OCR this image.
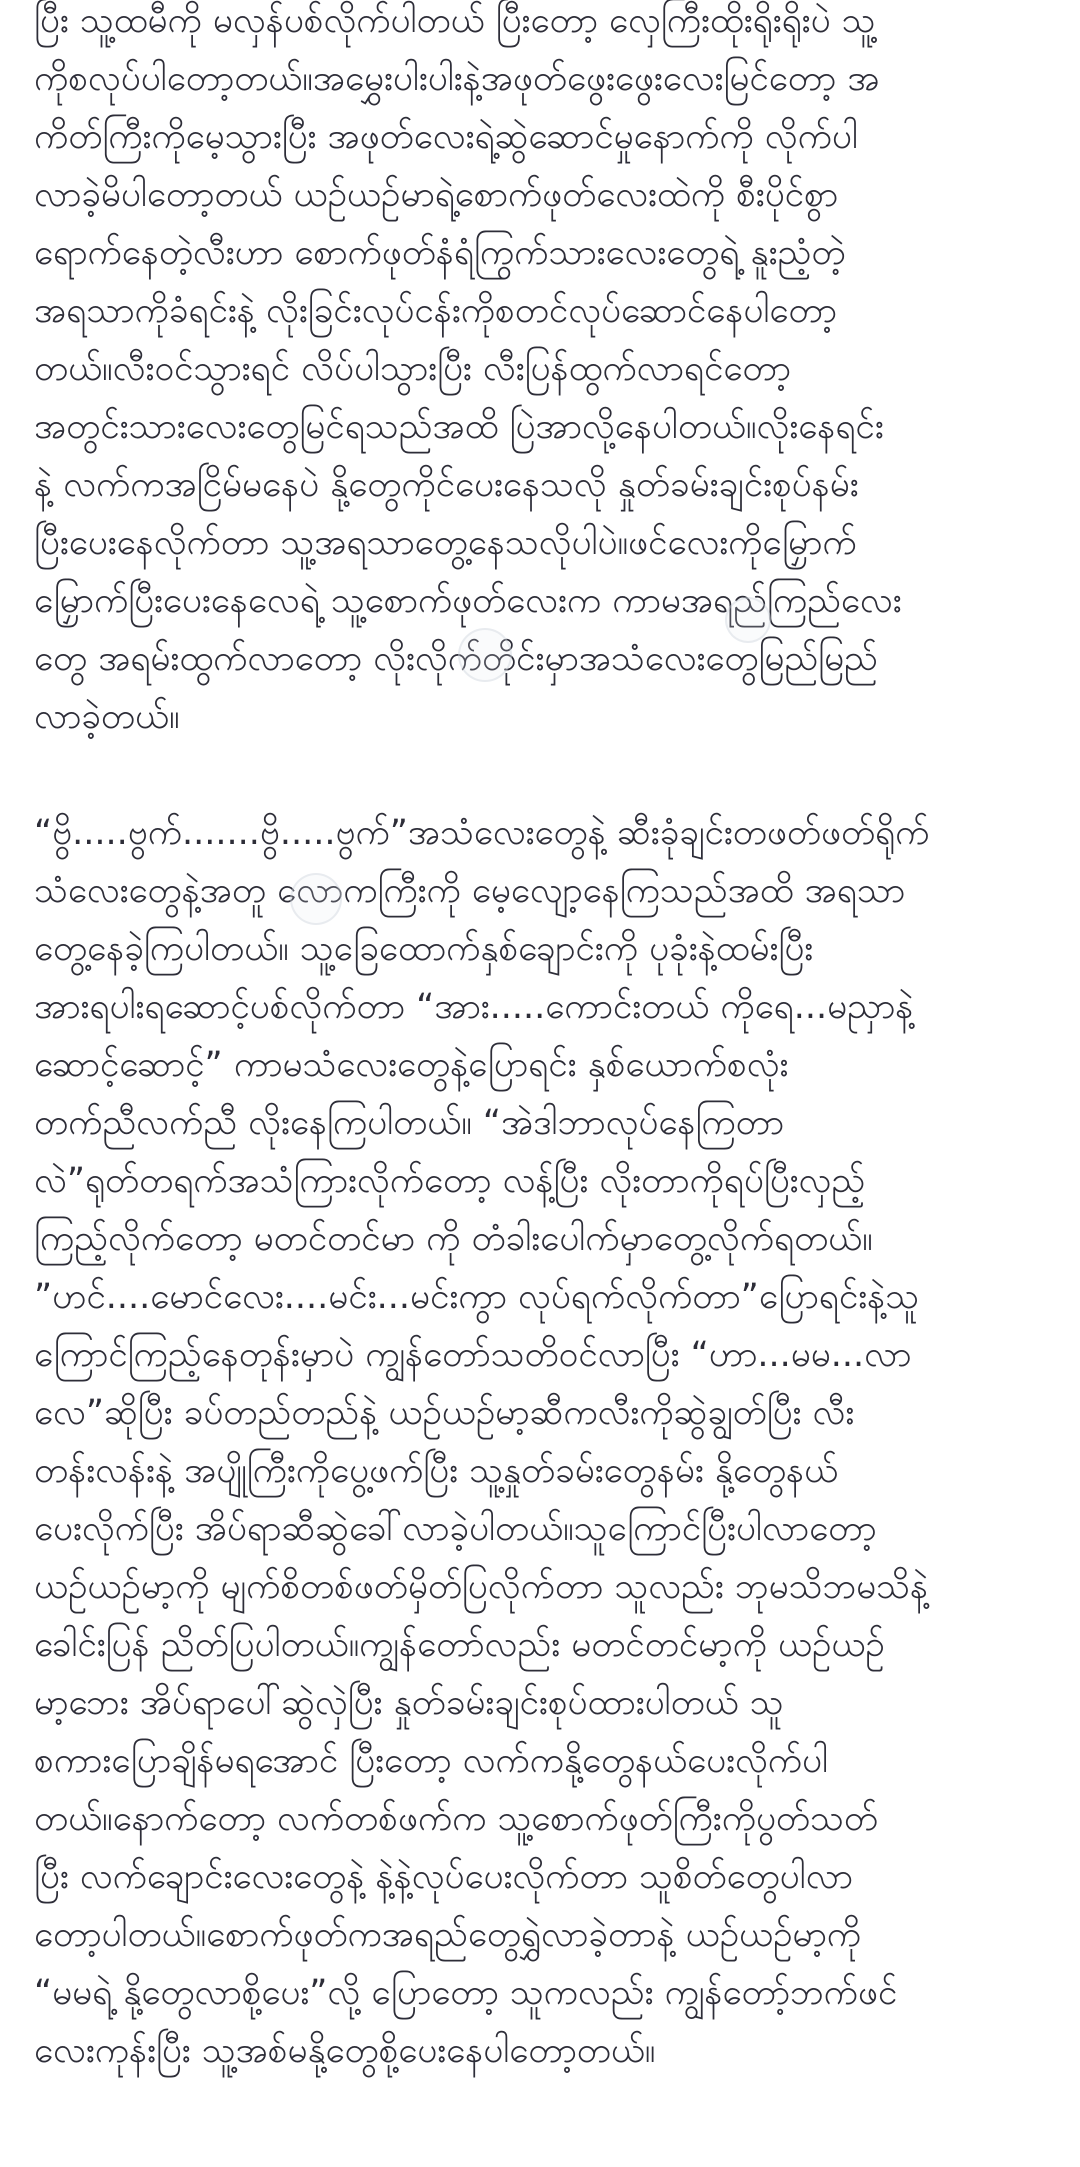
ပြီး သူ့ထမီကို မလှန်ပစ်လိုက်ပါတယ် ပြီးတော့ လှေကြီးထိုးရိုးရိုးပဲ သူ့
ကိုစလုပ်ပါတော့တယ်။အမွှေးပါးပါးနဲ့အဖုတ်ဖွေးဖွေးလေးမြင်တော့ အ
ကိတ်ကြီးကိုမေ့သွားပြီး အဖုတ်လေးရဲ့ဆွဲဆောင်မှုနောက်ကို လိုက်ပါ
လာခဲ့မိပါတော့တယ် ယဉ်ယဉ်မာရဲ့စောက်ဖုတ်လေးထဲကို စီးပိုင်စွာ
ရောက်နေတဲ့လီးဟာ စောက်ဖုတ်နံရံကြွက်သားလေးတွေရဲ့ နူးညံ့တဲ့
အရသာကိုခံရင်းနဲ့ လိုးခြင်းလုပ်ငန်းကိုစတင်လုပ်ဆောင်နေပါတော့
တယ်။လီးဝင်သွားရင် လိပ်ပါသွားပြီး လီးပြန်ထွက်လာရင်တော့
အတွင်းသားလေးတွေမြင်ရသည်အထိ ပြဲအာလို့နေပါတယ်။လိုးနေရင်း
နဲ့ လက်ကအငြိမ်မနေပဲ နို့တွေကိုင်ပေးနေသလို နှုတ်ခမ်းချင်းစုပ်နမ်း
ပြီးပေးနေလိုက်တာ သူ့အရသာတွေ့နေသလိုပါပဲ။ဖင်လေးကိုမြှောက်
မြှောက်ပြီးပေးနေလေရဲ့ သူ့စောက်ဖုတ်လေးက ကာမအရည်ကြည်လေး
တွေ အရမ်းထွက်လာတော့ လိုးလိုက်တိုင်းမှာအသံလေးတွေမြည်မြည်
လာခဲ့တယ်။

“ဗွိ.....ဗွက်.......ဗွိ.....ဗွက်”အသံလေးတွေနဲ့ ဆီးခုံချင်းတဖတ်ဖတ်ရိုက်
သံလေးတွေနဲ့အတူ လောကကြီးကို မေ့လျော့နေကြသည်အထိ အရသာ
တွေ့နေခဲ့ကြပါတယ်။ သူ့ခြေထောက်နှစ်ချောင်းကို ပုခုံးနဲ့ထမ်းပြီး
အားရပါးရဆောင့်ပစ်လိုက်တာ “အား.....ကောင်းတယ် ကိုရေ...မညှာနဲ့
ဆောင့်ဆောင့်” ကာမသံလေးတွေနဲ့ပြောရင်း နှစ်ယောက်စလုံး
တက်ညီလက်ညီ လိုးနေကြပါတယ်။ “အဲဒါဘာလုပ်နေကြတာ
လဲ”ရုတ်တရက်အသံကြားလိုက်တော့ လန့်ပြီး လိုးတာကိုရပ်ပြီးလှည့်
ကြည့်လိုက်တော့ မတင်တင်မာ ကို တံခါးပေါက်မှာတွေ့လိုက်ရတယ်။
”ဟင်....မောင်လေး....မင်း...မင်းကွာ လုပ်ရက်လိုက်တာ”ပြောရင်းနဲ့သူ
ကြောင်ကြည့်နေတုန်းမှာပဲ ကျွန်တော်သတိဝင်လာပြီး “ဟာ...မမ...လာ
လေ”ဆိုပြီး ခပ်တည်တည်နဲ့ ယဉ်ယဉ်မာ့ဆီကလီးကိုဆွဲချွတ်ပြီး လီး
တန်းလန်းနဲ့ အပျိုကြီးကိုပွေ့ဖက်ပြီး သူ့နှုတ်ခမ်းတွေနမ်း နို့တွေနယ်
ပေးလိုက်ပြီး အိပ်ရာဆီဆွဲခေါ်လာခဲ့ပါတယ်။သူကြောင်ပြီးပါလာတော့
ယဉ်ယဉ်မာ့ကို မျက်စိတစ်ဖတ်မှိတ်ပြလိုက်တာ သူလည်း ဘုမသိဘမသိနဲ့
ခေါင်းပြန် ညိတ်ပြပါတယ်။ကျွန်တော်လည်း မတင်တင်မာ့ကို ယဉ်ယဉ်
မာ့ဘေး အိပ်ရာပေါ်ဆွဲလှဲပြီး နှုတ်ခမ်းချင်းစုပ်ထားပါတယ် သူ
စကားပြောချိန်မရအောင် ပြီးတော့ လက်ကနို့တွေနယ်ပေးလိုက်ပါ
တယ်။နောက်တော့ လက်တစ်ဖက်က သူ့စောက်ဖုတ်ကြီးကိုပွတ်သတ်
ပြီး လက်ချောင်းလေးတွေနဲ့ နဲ့နဲ့လုပ်ပေးလိုက်တာ သူစိတ်တွေပါလာ
တော့ပါတယ်။စောက်ဖုတ်ကအရည်တွေရွှဲလာခဲ့တာနဲ့ ယဉ်ယဉ်မာ့ကို
“မမရဲ့ နို့တွေလာစို့ပေး”လို့ ပြောတော့ သူကလည်း ကျွန်တော့်ဘက်ဖင်
လေးကုန်းပြီး သူ့အစ်မနို့တွေစို့ပေးနေပါတော့တယ်။
